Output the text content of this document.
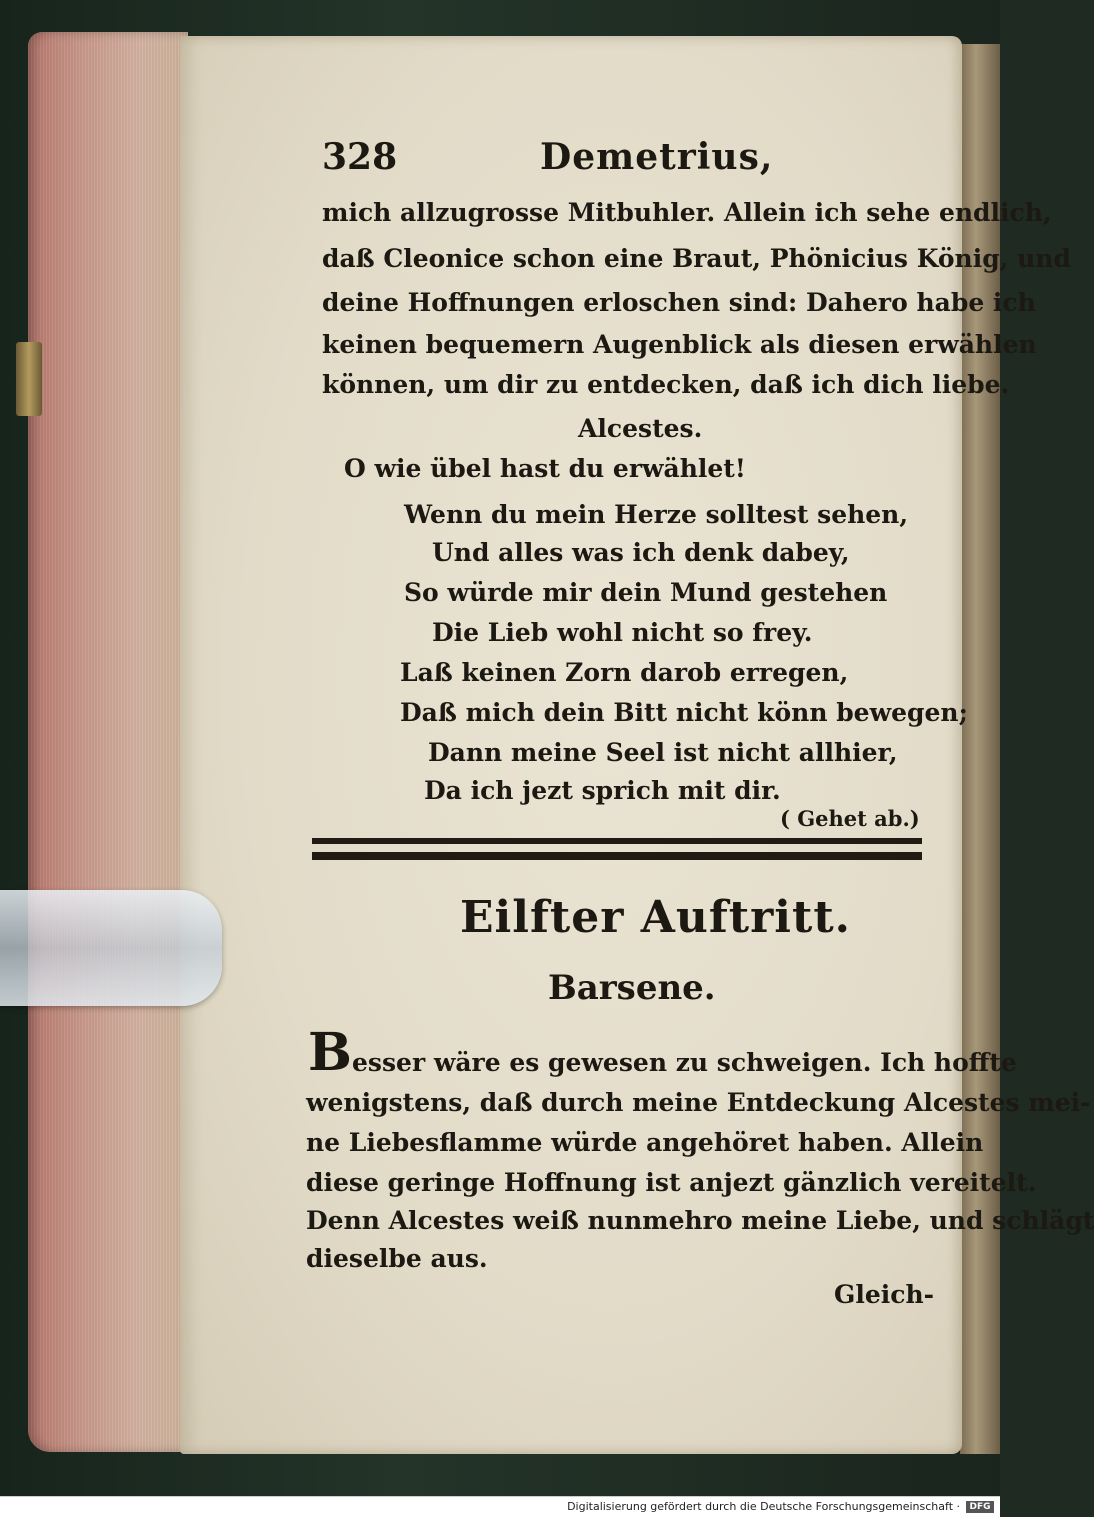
328	Demetrius,
mich allzugrosse Mitbuhler. Allein ich sehe endlich,
daß Cleonice schon eine Braut, Phönicius König, und
deine Hoffnungen erloschen sind: Dahero habe ich
keinen bequemern Augenblick als diesen erwählen
können, um dir zu entdecken, daß ich dich liebe.
Alcestes.
O wie übel hast du erwählet!
Wenn du mein Herze solltest sehen,
Und alles was ich denk dabey,
So würde mir dein Mund gestehen
Die Lieb wohl nicht so frey.
Laß keinen Zorn darob erregen,
Daß mich dein Bitt nicht könn bewegen;
Dann meine Seel ist nicht allhier,
Da ich jezt sprich mit dir.
( Gehet ab.)
Eilfter Auftritt.
Barsene.
B esser wäre es gewesen zu schweigen. Ich hoffte
wenigstens, daß durch meine Entdeckung Alcestes mei-
ne Liebesflamme würde angehöret haben. Allein
diese geringe Hoffnung ist anjezt gänzlich vereitelt.
Denn Alcestes weiß nunmehro meine Liebe, und schlägt
dieselbe aus.
Gleich-
Digitalisierung gefördert durch die Deutsche Forschungsgemeinschaft ·	DFG
